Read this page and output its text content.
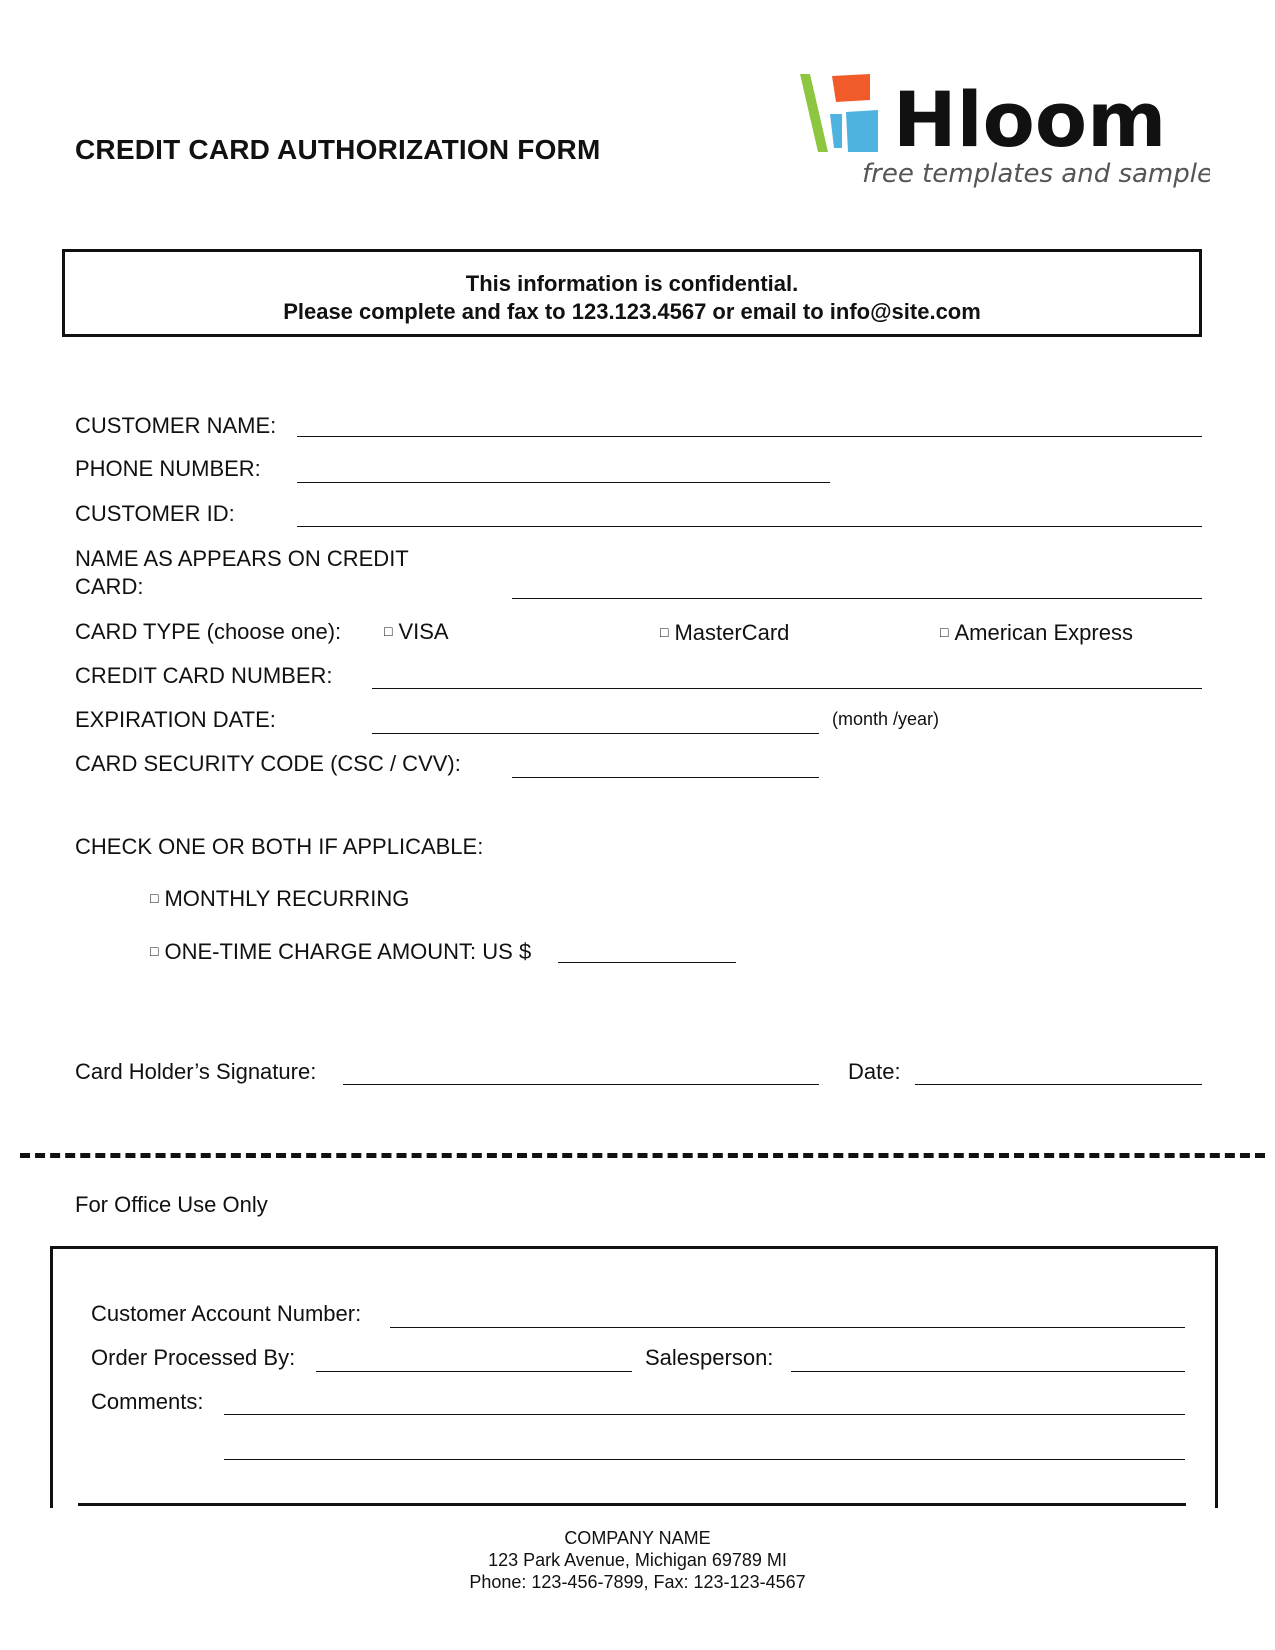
CREDIT CARD AUTHORIZATION FORM	Hloom
free templates and samples
This information is confidential.
Please complete and fax to 123.123.4567 or email to info@site.com
CUSTOMER NAME:
PHONE NUMBER:
CUSTOMER ID:
NAME AS APPEARS ON CREDIT
CARD:
CARD TYPE (choose one):	□ VISA	□ MasterCard	□ American Express
CREDIT CARD NUMBER:
EXPIRATION DATE:	(month /year)
CARD SECURITY CODE (CSC / CVV):
CHECK ONE OR BOTH IF APPLICABLE:
□ MONTHLY RECURRING
□ ONE-TIME CHARGE AMOUNT: US $
Card Holder’s Signature:	Date:
For Office Use Only
Customer Account Number:
Order Processed By:	Salesperson:
Comments:
COMPANY NAME
123 Park Avenue, Michigan 69789 MI
Phone: 123-456-7899, Fax: 123-123-4567
